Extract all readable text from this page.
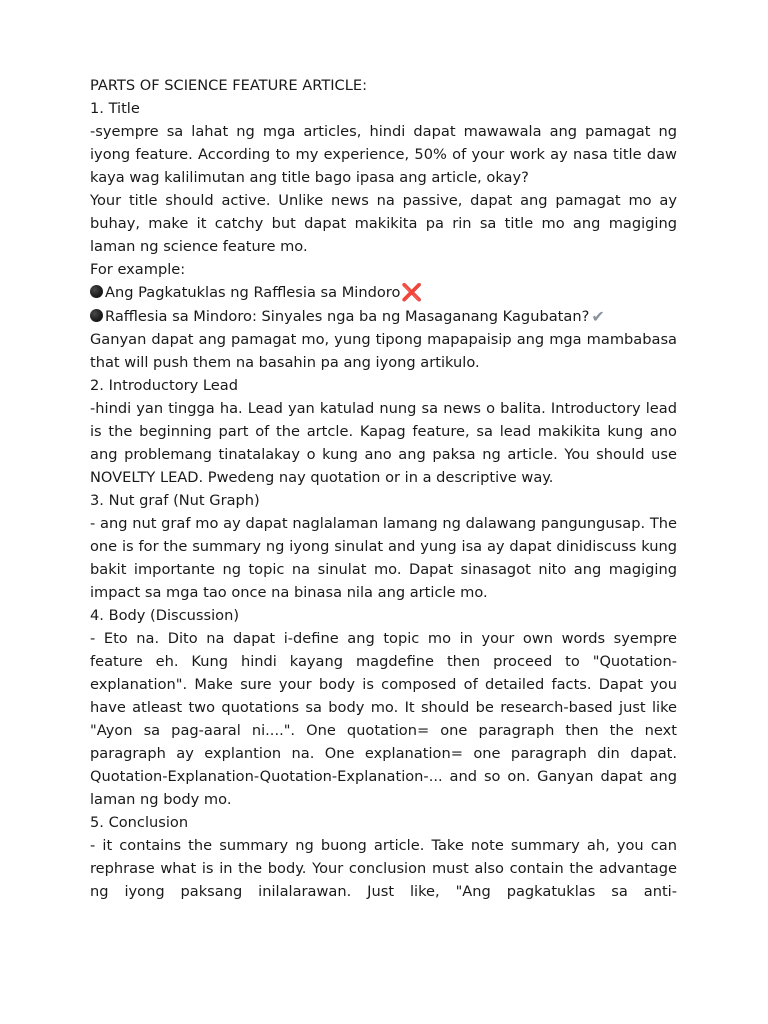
PARTS OF SCIENCE FEATURE ARTICLE:

1. Title

-syempre sa lahat ng mga articles, hindi dapat mawawala ang pamagat ng iyong feature. According to my experience, 50% of your work ay nasa title daw kaya wag kalilimutan ang title bago ipasa ang article, okay?

Your title should active. Unlike news na passive, dapat ang pamagat mo ay buhay, make it catchy but dapat makikita pa rin sa title mo ang magiging laman ng science feature mo.

For example:

Ang Pagkatuklas ng Rafflesia sa Mindoro❌

Rafflesia sa Mindoro: Sinyales nga ba ng Masaganang Kagubatan? ✔

Ganyan dapat ang pamagat mo, yung tipong mapapaisip ang mga mambabasa that will push them na basahin pa ang iyong artikulo.

2. Introductory Lead

-hindi yan tingga ha. Lead yan katulad nung sa news o balita. Introductory lead is the beginning part of the artcle. Kapag feature, sa lead makikita kung ano ang problemang tinatalakay o kung ano ang paksa ng article. You should use NOVELTY LEAD. Pwedeng nay quotation or in a descriptive way.

3. Nut graf (Nut Graph)

- ang nut graf mo ay dapat naglalaman lamang ng dalawang pangungusap. The one is for the summary ng iyong sinulat and yung isa ay dapat dinidiscuss kung bakit importante ng topic na sinulat mo. Dapat sinasagot nito ang magiging impact sa mga tao once na binasa nila ang article mo.

4. Body (Discussion)

- Eto na. Dito na dapat i-define ang topic mo in your own words syempre feature eh. Kung hindi kayang magdefine then proceed to "Quotation-explanation". Make sure your body is composed of detailed facts. Dapat you have atleast two quotations sa body mo. It should be research-based just like "Ayon sa pag-aaral ni....". One quotation= one paragraph then the next paragraph ay explantion na. One explanation= one paragraph din dapat. Quotation-Explanation-Quotation-Explanation-... and so on. Ganyan dapat ang laman ng body mo.

5. Conclusion

- it contains the summary ng buong article. Take note summary ah, you can rephrase what is in the body. Your conclusion must also contain the advantage ng iyong paksang inilalarawan. Just like, "Ang pagkatuklas sa anti-
